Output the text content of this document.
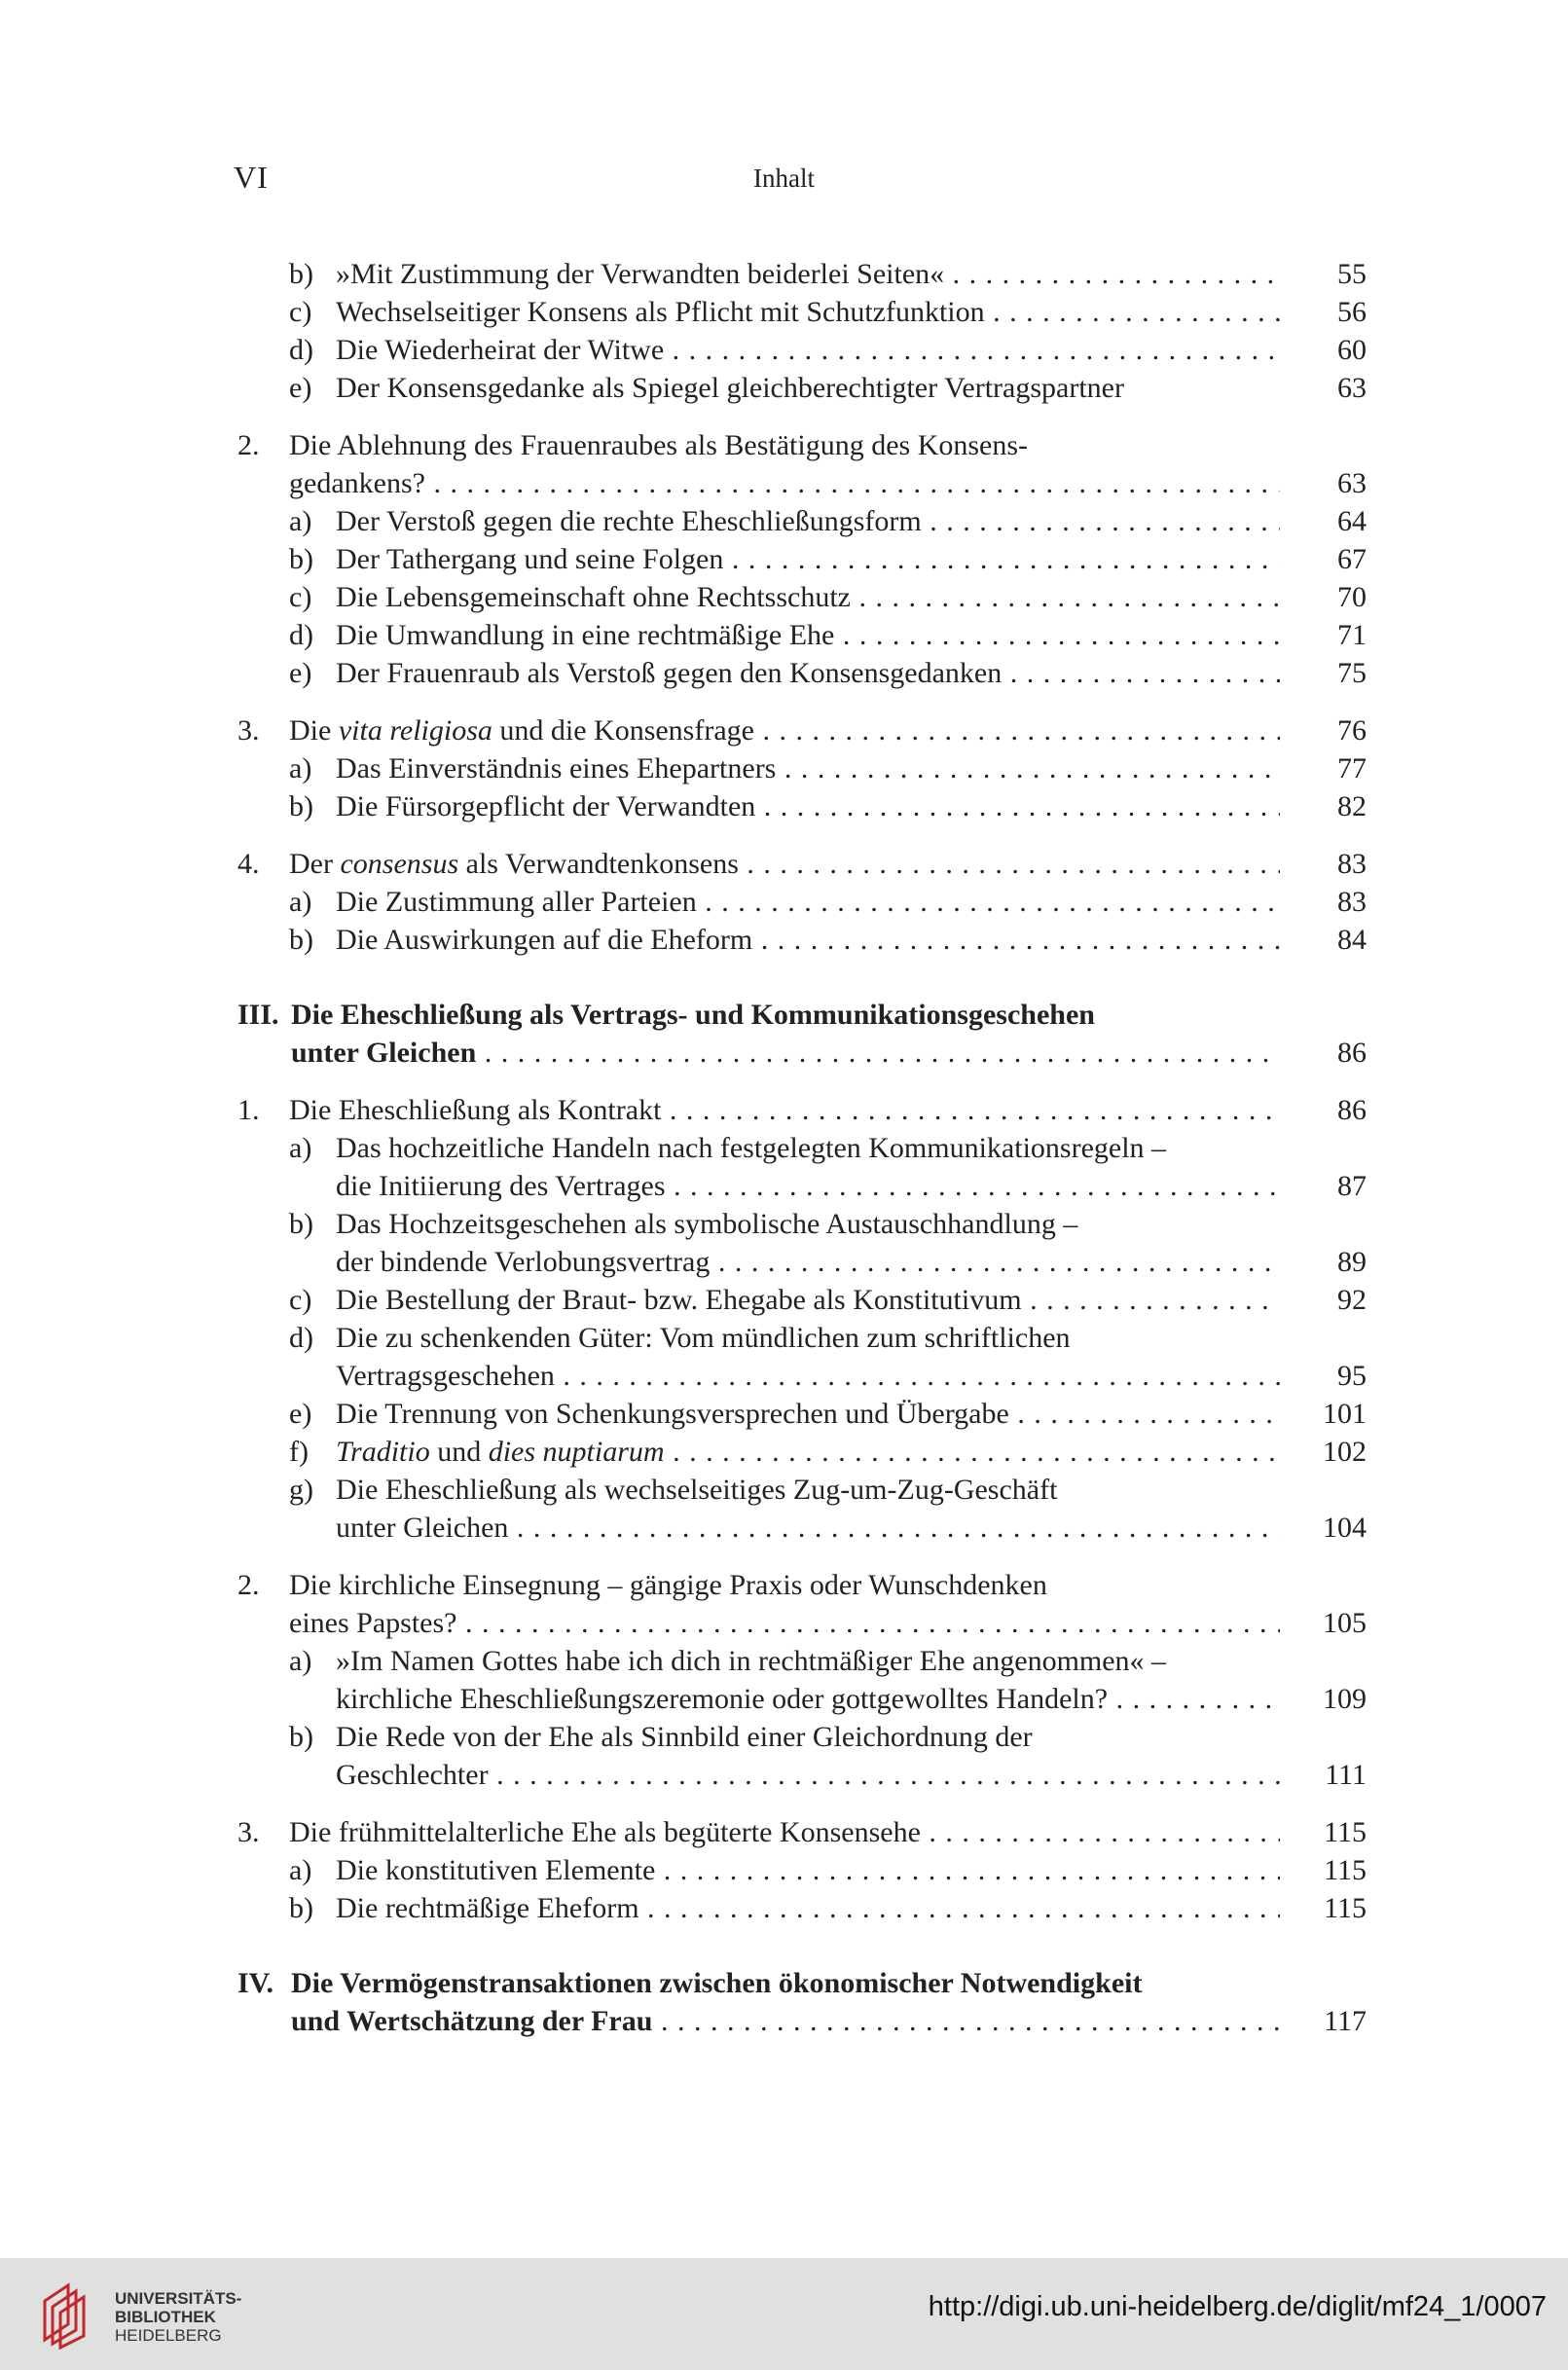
VI	Inhalt
b) »Mit Zustimmung der Verwandten beiderlei Seiten« . . .	55
c) Wechselseitiger Konsens als Pflicht mit Schutzfunktion . . .	56
d) Die Wiederheirat der Witwe . . .	60
e) Der Konsensgedanke als Spiegel gleichberechtigter Vertragspartner	63
2. Die Ablehnung des Frauenraubes als Bestätigung des Konsens-
gedankens? . . .	63
a) Der Verstoß gegen die rechte Eheschließungsform . . .	64
b) Der Tathergang und seine Folgen . . .	67
c) Die Lebensgemeinschaft ohne Rechtsschutz . . .	70
d) Die Umwandlung in eine rechtmäßige Ehe . . .	71
e) Der Frauenraub als Verstoß gegen den Konsensgedanken . . .	75
3. Die vita religiosa und die Konsensfrage . . .	76
a) Das Einverständnis eines Ehepartners . . .	77
b) Die Fürsorgepflicht der Verwandten . . .	82
4. Der consensus als Verwandtenkonsens . . .	83
a) Die Zustimmung aller Parteien . . .	83
b) Die Auswirkungen auf die Eheform . . .	84
III. Die Eheschließung als Vertrags- und Kommunikationsgeschehen
unter Gleichen . . .	86
1. Die Eheschließung als Kontrakt . . .	86
a) Das hochzeitliche Handeln nach festgelegten Kommunikationsregeln –
die Initiierung des Vertrages . . .	87
b) Das Hochzeitsgeschehen als symbolische Austauschhandlung –
der bindende Verlobungsvertrag . . .	89
c) Die Bestellung der Braut- bzw. Ehegabe als Konstitutivum . . .	92
d) Die zu schenkenden Güter: Vom mündlichen zum schriftlichen
Vertragsgeschehen . . .	95
e) Die Trennung von Schenkungsversprechen und Übergabe . . .	101
f) Traditio und dies nuptiarum . . .	102
g) Die Eheschließung als wechselseitiges Zug-um-Zug-Geschäft
unter Gleichen . . .	104
2. Die kirchliche Einsegnung – gängige Praxis oder Wunschdenken
eines Papstes? . . .	105
a) »Im Namen Gottes habe ich dich in rechtmäßiger Ehe angenommen« –
kirchliche Eheschließungszeremonie oder gottgewolltes Handeln? . . .	109
b) Die Rede von der Ehe als Sinnbild einer Gleichordnung der
Geschlechter . . .	111
3. Die frühmittelalterliche Ehe als begüterte Konsensehe . . .	115
a) Die konstitutiven Elemente . . .	115
b) Die rechtmäßige Eheform . . .	115
IV. Die Vermögenstransaktionen zwischen ökonomischer Notwendigkeit
und Wertschätzung der Frau . . .	117
UNIVERSITÄTS-
BIBLIOTHEK
HEIDELBERG
http://digi.ub.uni-heidelberg.de/diglit/mf24_1/0007
